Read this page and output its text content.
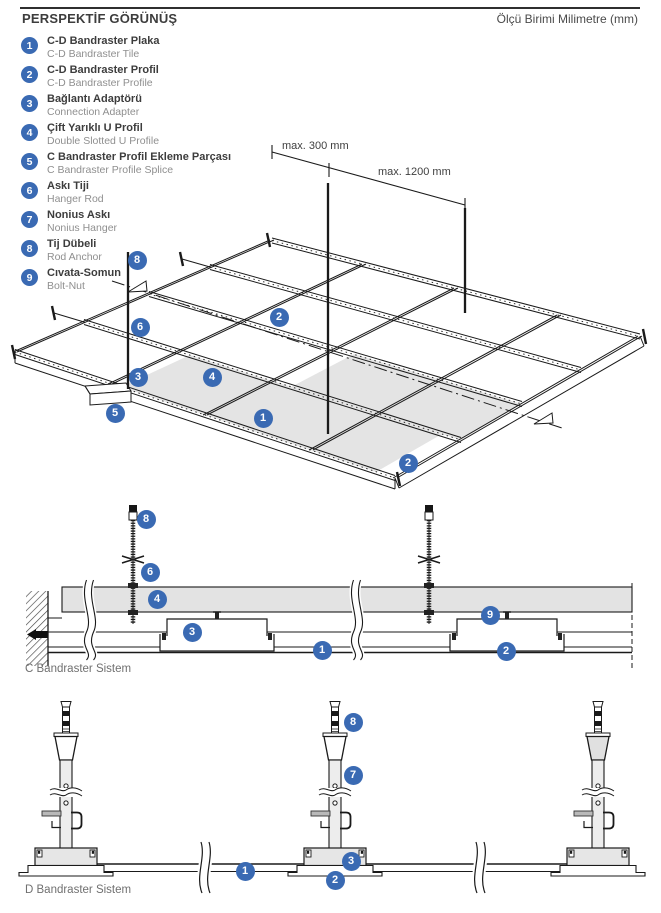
PERSPEKTİF GÖRÜNÜŞ	Ölçü Birimi Milimetre (mm)
1	C-D Bandraster Plaka
C-D Bandraster Tile
2	C-D Bandraster Profil
C-D Bandraster Profile
3	Bağlantı Adaptörü
Connection Adapter
4	Çift Yarıklı U Profil
Double Slotted U Profile
5	C Bandraster Profil Ekleme Parçası
C Bandraster Profile Splice
6	Askı Tiji
Hanger Rod
7	Nonius Askı
Nonius Hanger
8	Tij Dübeli
Rod Anchor
9	Cıvata-Somun
Bolt-Nut
max. 300 mm
max. 1200 mm
C Bandraster Sistem
D Bandraster Sistem
8
6
3
5
4
1
2
2
8
6
4
3
1
9
2
8
7
3
2
1
